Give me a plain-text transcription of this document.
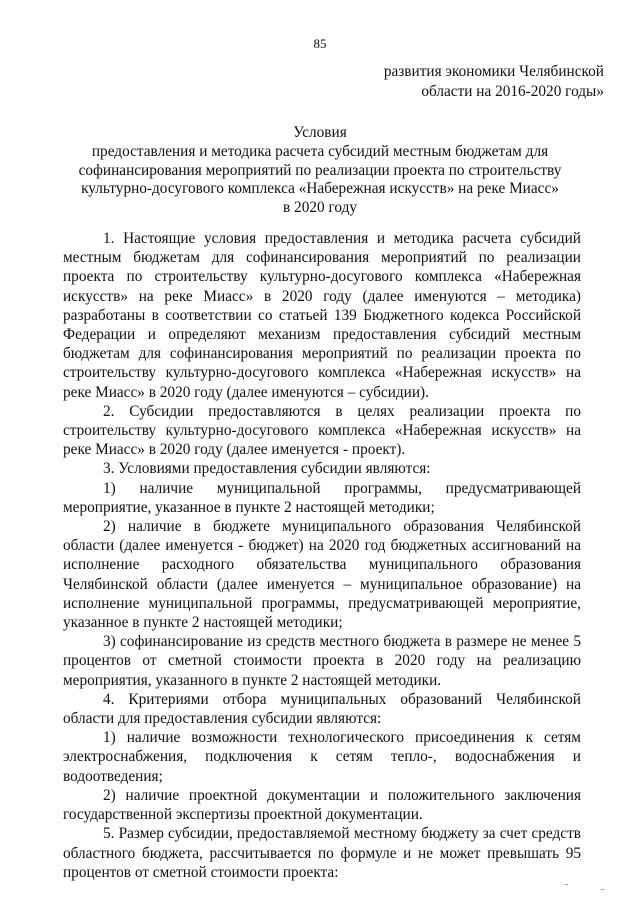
85
развития экономики Челябинской
области на 2016-2020 годы»
Условия
предоставления и методика расчета субсидий местным бюджетам для
софинансирования мероприятий по реализации проекта по строительству
культурно-досугового комплекса «Набережная искусств» на реке Миасс»
в 2020 году

1. Настоящие условия предоставления и методика расчета субсидий местным бюджетам для софинансирования мероприятий по реализации проекта по строительству культурно-досугового комплекса «Набережная искусств» на реке Миасс» в 2020 году (далее именуются – методика) разработаны в соответствии со статьей 139 Бюджетного кодекса Российской Федерации и определяют механизм предоставления субсидий местным бюджетам для софинансирования мероприятий по реализации проекта по строительству культурно-досугового комплекса «Набережная искусств» на реке Миасс» в 2020 году (далее именуются – субсидии).

2. Субсидии предоставляются в целях реализации проекта по строительству культурно-досугового комплекса «Набережная искусств» на реке Миасс» в 2020 году (далее именуется - проект).

3. Условиями предоставления субсидии являются:

1) наличие муниципальной программы, предусматривающей мероприятие, указанное в пункте 2 настоящей методики;

2) наличие в бюджете муниципального образования Челябинской области (далее именуется - бюджет) на 2020 год бюджетных ассигнований на исполнение расходного обязательства муниципального образования Челябинской области (далее именуется – муниципальное образование) на исполнение муниципальной программы, предусматривающей мероприятие, указанное в пункте 2 настоящей методики;

3) софинансирование из средств местного бюджета в размере не менее 5 процентов от сметной стоимости проекта в 2020 году на реализацию мероприятия, указанного в пункте 2 настоящей методики.

4. Критериями отбора муниципальных образований Челябинской области для предоставления субсидии являются:

1) наличие возможности технологического присоединения к сетям электроснабжения, подключения к сетям тепло-, водоснабжения и водоотведения;

2) наличие проектной документации и положительного заключения государственной экспертизы проектной документации.

5. Размер субсидии, предоставляемой местному бюджету за счет средств областного бюджета, рассчитывается по формуле и не может превышать 95 процентов от сметной стоимости проекта:
